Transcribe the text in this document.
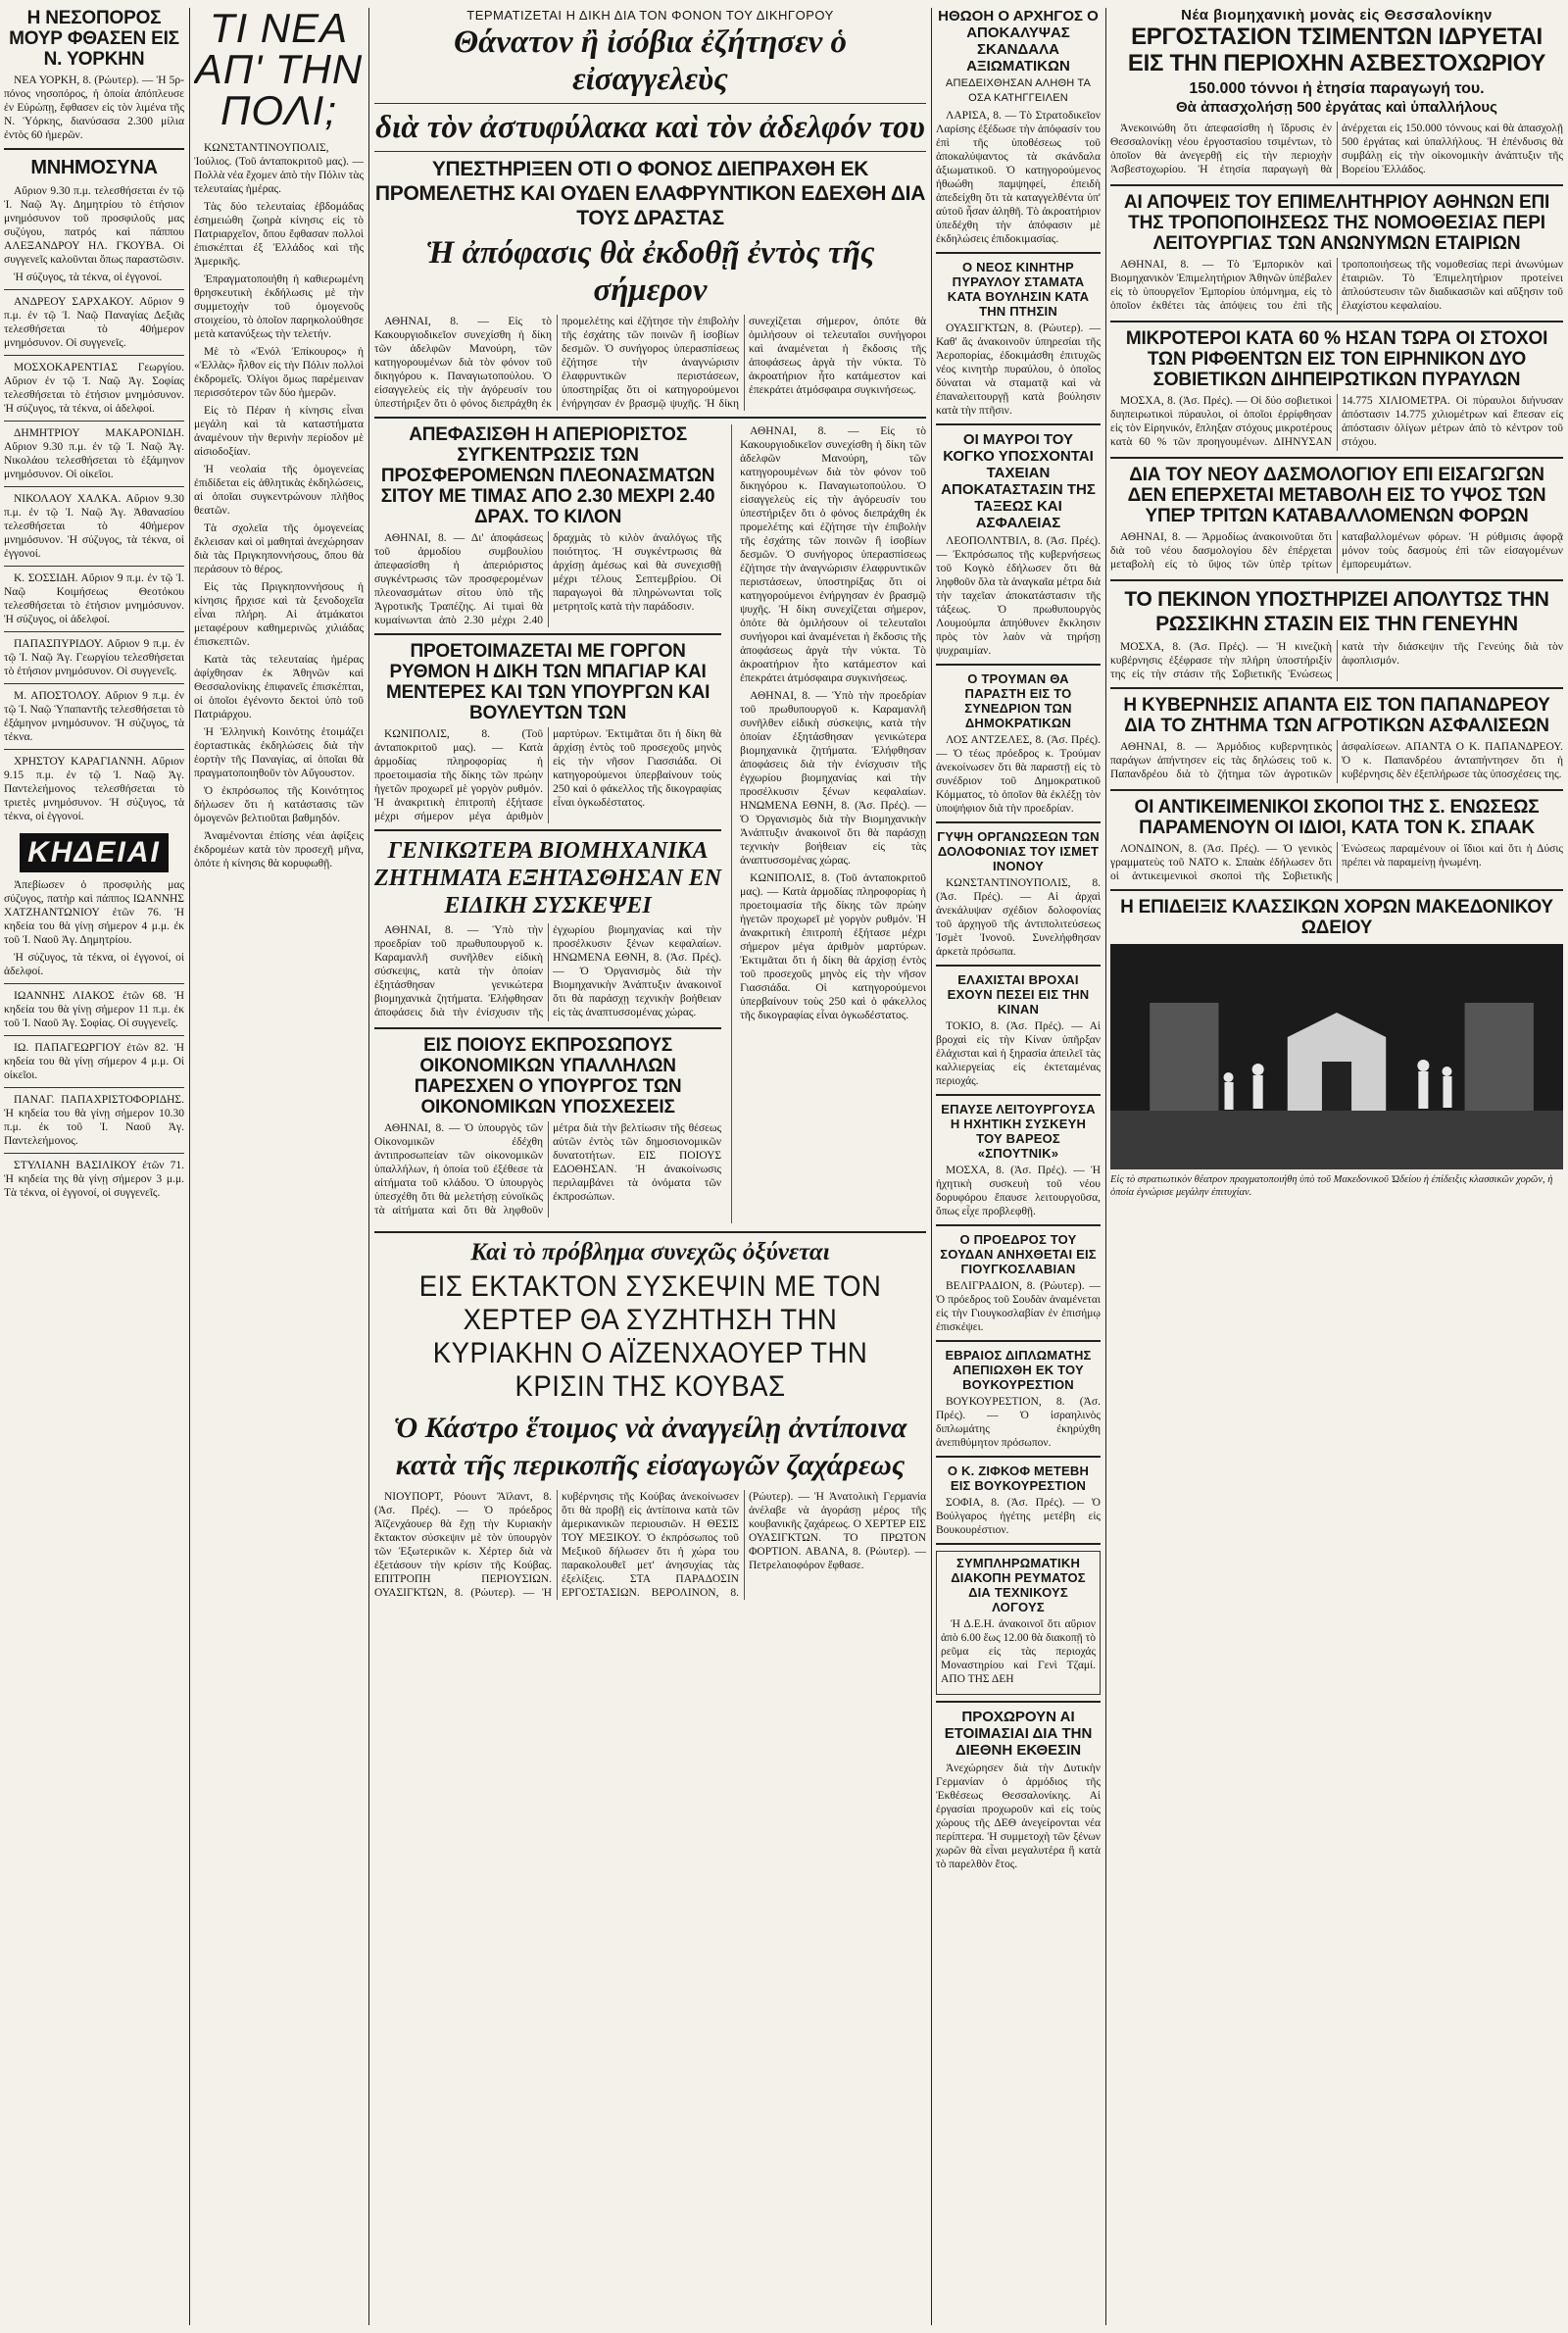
Η ΝΕΣΟΠΟΡΟΣ ΜΟΥΡ ΦΘΑΣΕΝ ΕΙΣ Ν. ΥΟΡΚΗΝ

ΝΕΑ ΥΟΡΚΗ, 8. (Ρώυτερ). — Ἡ 5ρ-πόνος νησοπόρος, ἡ ὁποία ἀπόπλευσε ἐν Εὐρώπῃ, ἔφθασεν εἰς τὸν λιμένα τῆς Ν. Ὑόρκης, διανύσασα 2.300 μίλια ἐντὸς 60 ἡμερῶν.

ΜΝΗΜΟΣΥΝΑ

Αὔριον 9.30 π.μ. τελεσθήσεται ἐν τῷ Ἱ. Ναῷ Ἁγ. Δημητρίου τὸ ἐτήσιον μνημόσυνον τοῦ προσφιλοῦς μας συζύγου, πατρός καὶ πάππου ΑΛΕΞΑΝΔΡΟΥ ΗΛ. ΓΚΟΥΒΑ. Οἱ συγγενεῖς καλοῦνται ὅπως παραστῶσιν.

Ἡ σύζυγος, τὰ τέκνα, οἱ ἐγγονοί.

ΑΝΔΡΕΟΥ ΣΑΡΧΑΚΟΥ. Αὔριον 9 π.μ. ἐν τῷ Ἱ. Ναῷ Παναγίας Δεξιᾶς τελεσθήσεται τὸ 40ήμερον μνημόσυνον. Οἱ συγγενεῖς.

ΜΟΣΧΟΚΑΡΕΝΤΙΑΣ Γεωργίου. Αὔριον ἐν τῷ Ἱ. Ναῷ Ἁγ. Σοφίας τελεσθήσεται τὸ ἐτήσιον μνημόσυνον. Ἡ σύζυγος, τὰ τέκνα, οἱ ἀδελφοί.

ΔΗΜΗΤΡΙΟΥ ΜΑΚΑΡΟΝΙΔΗ. Αὔριον 9.30 π.μ. ἐν τῷ Ἱ. Ναῷ Ἁγ. Νικολάου τελεσθήσεται τὸ ἐξάμηνον μνημόσυνον. Οἱ οἰκεῖοι.

ΝΙΚΟΛΑΟΥ ΧΑΛΚΑ. Αὔριον 9.30 π.μ. ἐν τῷ Ἱ. Ναῷ Ἁγ. Ἀθανασίου τελεσθήσεται τὸ 40ήμερον μνημόσυνον. Ἡ σύζυγος, τὰ τέκνα, οἱ ἐγγονοί.

Κ. ΣΟΣΣΙΔΗ. Αὔριον 9 π.μ. ἐν τῷ Ἱ. Ναῷ Κοιμήσεως Θεοτόκου τελεσθήσεται τὸ ἐτήσιον μνημόσυνον. Ἡ σύζυγος, οἱ ἀδελφοί.

ΠΑΠΑΣΠΥΡΙΔΟΥ. Αὔριον 9 π.μ. ἐν τῷ Ἱ. Ναῷ Ἁγ. Γεωργίου τελεσθήσεται τὸ ἐτήσιον μνημόσυνον. Οἱ συγγενεῖς.

Μ. ΑΠΟΣΤΟΛΟΥ. Αὔριον 9 π.μ. ἐν τῷ Ἱ. Ναῷ Ὑπαπαντῆς τελεσθήσεται τὸ ἐξάμηνον μνημόσυνον. Ἡ σύζυγος, τὰ τέκνα.

ΧΡΗΣΤΟΥ ΚΑΡΑΓΙΑΝΝΗ. Αὔριον 9.15 π.μ. ἐν τῷ Ἱ. Ναῷ Ἁγ. Παντελεήμονος τελεσθήσεται τὸ τριετὲς μνημόσυνον. Ἡ σύζυγος, τὰ τέκνα, οἱ ἐγγονοί.

ΚΗΔΕΙΑΙ

Ἀπεβίωσεν ὁ προσφιλὴς μας σύζυγος, πατὴρ καὶ πάππος ΙΩΑΝΝΗΣ ΧΑΤΖΗΑΝΤΩΝΙΟΥ ἐτῶν 76. Ἡ κηδεία του θὰ γίνῃ σήμερον 4 μ.μ. ἐκ τοῦ Ἱ. Ναοῦ Ἁγ. Δημητρίου.

Ἡ σύζυγος, τὰ τέκνα, οἱ ἐγγονοί, οἱ ἀδελφοί.

ΙΩΑΝΝΗΣ ΛΙΑΚΟΣ ἐτῶν 68. Ἡ κηδεία του θὰ γίνῃ σήμερον 11 π.μ. ἐκ τοῦ Ἱ. Ναοῦ Ἁγ. Σοφίας. Οἱ συγγενεῖς.

ΙΩ. ΠΑΠΑΓΕΩΡΓΙΟΥ ἐτῶν 82. Ἡ κηδεία του θὰ γίνῃ σήμερον 4 μ.μ. Οἱ οἰκεῖοι.

ΠΑΝΑΓ. ΠΑΠΑΧΡΙΣΤΟΦΟΡΙΔΗΣ. Ἡ κηδεία του θὰ γίνῃ σήμερον 10.30 π.μ. ἐκ τοῦ Ἱ. Ναοῦ Ἁγ. Παντελεήμονος.

ΣΤΥΛΙΑΝΗ ΒΑΣΙΛΙΚΟΥ ἐτῶν 71. Ἡ κηδεία της θὰ γίνῃ σήμερον 3 μ.μ. Τὰ τέκνα, οἱ ἐγγονοί, οἱ συγγενεῖς.

ΤΙ ΝΕΑ ΑΠ' ΤΗΝ ΠΟΛΙ;

ΚΩΝΣΤΑΝΤΙΝΟΥΠΟΛΙΣ, Ἰούλιος. (Τοῦ ἀνταποκριτοῦ μας). — Πολλὰ νέα ἔχομεν ἀπὸ τὴν Πόλιν τὰς τελευταίας ἡμέρας.

Τὰς δύο τελευταίας ἑβδομάδας ἐσημειώθη ζωηρὰ κίνησις εἰς τὸ Πατριαρχεῖον, ὅπου ἔφθασαν πολλοὶ ἐπισκέπται ἐξ Ἑλλάδος καὶ τῆς Ἀμερικῆς.

Ἐπραγματοποιήθη ἡ καθιερωμένη θρησκευτικὴ ἐκδήλωσις μὲ τὴν συμμετοχὴν τοῦ ὁμογενοῦς στοιχείου, τὸ ὁποῖον παρηκολούθησε μετὰ κατανύξεως τὴν τελετήν.

Μὲ τὸ «Ἐνόλ Ἐπίκουρος» ἡ «Ἑλλὰς» ἦλθον εἰς τὴν Πόλιν πολλοὶ ἐκδρομεῖς. Ὀλίγοι ὅμως παρέμειναν περισσότερον τῶν δύο ἡμερῶν.

Εἰς τὸ Πέραν ἡ κίνησις εἶναι μεγάλη καὶ τὰ καταστήματα ἀναμένουν τὴν θερινὴν περίοδον μὲ αἰσιοδοξίαν.

Ἡ νεολαία τῆς ὁμογενείας ἐπιδίδεται εἰς ἀθλητικὰς ἐκδηλώσεις, αἱ ὁποῖαι συγκεντρώνουν πλῆθος θεατῶν.

Τὰ σχολεῖα τῆς ὁμογενείας ἔκλεισαν καὶ οἱ μαθηταὶ ἀνεχώρησαν διὰ τὰς Πριγκηποννήσους, ὅπου θὰ περάσουν τὸ θέρος.

Εἰς τὰς Πριγκηποννήσους ἡ κίνησις ἤρχισε καὶ τὰ ξενοδοχεῖα εἶναι πλήρη. Αἱ ἀτμάκατοι μεταφέρουν καθημερινῶς χιλιάδας ἐπισκεπτῶν.

Κατὰ τὰς τελευταίας ἡμέρας ἀφίχθησαν ἐκ Ἀθηνῶν καὶ Θεσσαλονίκης ἐπιφανεῖς ἐπισκέπται, οἱ ὁποῖοι ἐγένοντο δεκτοὶ ὑπὸ τοῦ Πατριάρχου.

Ἡ Ἑλληνικὴ Κοινότης ἑτοιμάζει ἐορταστικὰς ἐκδηλώσεις διὰ τὴν ἑορτὴν τῆς Παναγίας, αἱ ὁποῖαι θὰ πραγματοποιηθοῦν τὸν Αὔγουστον.

Ὁ ἐκπρόσωπος τῆς Κοινότητος δήλωσεν ὅτι ἡ κατάστασις τῶν ὁμογενῶν βελτιοῦται βαθμηδόν.

Ἀναμένονται ἐπίσης νέαι ἀφίξεις ἐκδρομέων κατὰ τὸν προσεχῆ μῆνα, ὁπότε ἡ κίνησις θὰ κορυφωθῇ.

ΤΕΡΜΑΤΙΖΕΤΑΙ Η ΔΙΚΗ ΔΙΑ ΤΟΝ ΦΟΝΟΝ ΤΟΥ ΔΙΚΗΓΟΡΟΥ
Θάνατον ἢ ἰσόβια ἐζήτησεν ὁ εἰσαγγελεὺς
διὰ τὸν ἀστυφύλακα καὶ τὸν ἀδελφόν του
ΥΠΕΣΤΗΡΙΞΕΝ ΟΤΙ Ο ΦΟΝΟΣ ΔΙΕΠΡΑΧΘΗ ΕΚ ΠΡΟΜΕΛΕΤΗΣ ΚΑΙ ΟΥΔΕΝ ΕΛΑΦΡΥΝΤΙΚΟΝ ΕΔΕΧΘΗ ΔΙΑ ΤΟΥΣ ΔΡΑΣΤΑΣ
Ἡ ἀπόφασις θὰ ἐκδοθῇ ἐντὸς τῆς σήμερον

ΑΘΗΝΑΙ, 8. — Εἰς τὸ Κακουργιοδικεῖον συνεχίσθη ἡ δίκη τῶν ἀδελφῶν Μανούρη, τῶν κατηγορουμένων διὰ τὸν φόνον τοῦ δικηγόρου κ. Παναγιωτοπούλου. Ὁ εἰσαγγελεὺς εἰς τὴν ἀγόρευσίν του ὑπεστήριξεν ὅτι ὁ φόνος διεπράχθη ἐκ προμελέτης καὶ ἐζήτησε τὴν ἐπιβολὴν τῆς ἐσχάτης τῶν ποινῶν ἢ ἰσοβίων δεσμῶν. Ὁ συνήγορος ὑπερασπίσεως ἐζήτησε τὴν ἀναγνώρισιν ἐλαφρυντικῶν περιστάσεων, ὑποστηρίξας ὅτι οἱ κατηγορούμενοι ἐνήργησαν ἐν βρασμῷ ψυχῆς. Ἡ δίκη συνεχίζεται σήμερον, ὁπότε θὰ ὁμιλήσουν οἱ τελευταῖοι συνήγοροι καὶ ἀναμένεται ἡ ἔκδοσις τῆς ἀποφάσεως ἀργὰ τὴν νύκτα. Τὸ ἀκροατήριον ἦτο κατάμεστον καὶ ἐπεκράτει ἀτμόσφαιρα συγκινήσεως.

ΑΠΕΦΑΣΙΣΘΗ Η ΑΠΕΡΙΟΡΙΣΤΟΣ ΣΥΓΚΕΝΤΡΩΣΙΣ ΤΩΝ ΠΡΟΣΦΕΡΟΜΕΝΩΝ ΠΛΕΟΝΑΣΜΑΤΩΝ ΣΙΤΟΥ ΜΕ ΤΙΜΑΣ ΑΠΟ 2.30 ΜΕΧΡΙ 2.40 ΔΡΑΧ. ΤΟ ΚΙΛΟΝ

ΑΘΗΝΑΙ, 8. — Δι' ἀποφάσεως τοῦ ἁρμοδίου συμβουλίου ἀπεφασίσθη ἡ ἀπεριόριστος συγκέντρωσις τῶν προσφερομένων πλεονασμάτων σίτου ὑπὸ τῆς Ἀγροτικῆς Τραπέζης. Αἱ τιμαὶ θὰ κυμαίνωνται ἀπὸ 2.30 μέχρι 2.40 δραχμὰς τὸ κιλὸν ἀναλόγως τῆς ποιότητος. Ἡ συγκέντρωσις θὰ ἀρχίσῃ ἀμέσως καὶ θὰ συνεχισθῇ μέχρι τέλους Σεπτεμβρίου. Οἱ παραγωγοὶ θὰ πληρώνωνται τοῖς μετρητοῖς κατὰ τὴν παράδοσιν.

ΠΡΟΕΤΟΙΜΑΖΕΤΑΙ ΜΕ ΓΟΡΓΟΝ ΡΥΘΜΟΝ Η ΔΙΚΗ ΤΩΝ ΜΠΑΓΙΑΡ ΚΑΙ ΜΕΝΤΕΡΕΣ ΚΑΙ ΤΩΝ ΥΠΟΥΡΓΩΝ ΚΑΙ ΒΟΥΛΕΥΤΩΝ ΤΩΝ

ΚΩΝΙΠΟΛΙΣ, 8. (Τοῦ ἀνταποκριτοῦ μας). — Κατὰ ἀρμοδίας πληροφορίας ἡ προετοιμασία τῆς δίκης τῶν πρώην ἡγετῶν προχωρεῖ μὲ γοργὸν ρυθμόν. Ἡ ἀνακριτικὴ ἐπιτροπὴ ἐξήτασε μέχρι σήμερον μέγα ἀριθμὸν μαρτύρων. Ἐκτιμᾶται ὅτι ἡ δίκη θὰ ἀρχίσῃ ἐντὸς τοῦ προσεχοῦς μηνὸς εἰς τὴν νῆσον Γιασσιάδα. Οἱ κατηγορούμενοι ὑπερβαίνουν τοὺς 250 καὶ ὁ φάκελλος τῆς δικογραφίας εἶναι ὀγκωδέστατος.

ΓΕΝΙΚΩΤΕΡΑ ΒΙΟΜΗΧΑΝΙΚΑ ΖΗΤΗΜΑΤΑ ΕΞΗΤΑΣΘΗΣΑΝ ΕΝ ΕΙΔΙΚΗ ΣΥΣΚΕΨΕΙ

ΑΘΗΝΑΙ, 8. — Ὑπὸ τὴν προεδρίαν τοῦ πρωθυπουργοῦ κ. Καραμανλῆ συνῆλθεν εἰδικὴ σύσκεψις, κατὰ τὴν ὁποίαν ἐξητάσθησαν γενικώτερα βιομηχανικὰ ζητήματα. Ἐλήφθησαν ἀποφάσεις διὰ τὴν ἐνίσχυσιν τῆς ἐγχωρίου βιομηχανίας καὶ τὴν προσέλκυσιν ξένων κεφαλαίων. ΗΝΩΜΕΝΑ ΕΘΝΗ, 8. (Ἀσ. Πρές). — Ὁ Ὀργανισμὸς διὰ τὴν Βιομηχανικὴν Ἀνάπτυξιν ἀνακοινοῖ ὅτι θὰ παράσχῃ τεχνικὴν βοήθειαν εἰς τὰς ἀναπτυσσομένας χώρας.

ΕΙΣ ΠΟΙΟΥΣ ΕΚΠΡΟΣΩΠΟΥΣ ΟΙΚΟΝΟΜΙΚΩΝ ΥΠΑΛΛΗΛΩΝ ΠΑΡΕΣΧΕΝ Ο ΥΠΟΥΡΓΟΣ ΤΩΝ ΟΙΚΟΝΟΜΙΚΩΝ ΥΠΟΣΧΕΣΕΙΣ

ΑΘΗΝΑΙ, 8. — Ὁ ὑπουργὸς τῶν Οἰκονομικῶν ἐδέχθη ἀντιπροσωπείαν τῶν οἰκονομικῶν ὑπαλλήλων, ἡ ὁποία τοῦ ἐξέθεσε τὰ αἰτήματα τοῦ κλάδου. Ὁ ὑπουργὸς ὑπεσχέθη ὅτι θὰ μελετήσῃ εὐνοϊκῶς τὰ αἰτήματα καὶ ὅτι θὰ ληφθοῦν μέτρα διὰ τὴν βελτίωσιν τῆς θέσεως αὐτῶν ἐντὸς τῶν δημοσιονομικῶν δυνατοτήτων. ΕΙΣ ΠΟΙΟΥΣ ΕΔΟΘΗΣΑΝ. Ἡ ἀνακοίνωσις περιλαμβάνει τὰ ὀνόματα τῶν ἐκπροσώπων.

ΑΘΗΝΑΙ, 8. — Εἰς τὸ Κακουργιοδικεῖον συνεχίσθη ἡ δίκη τῶν ἀδελφῶν Μανούρη, τῶν κατηγορουμένων διὰ τὸν φόνον τοῦ δικηγόρου κ. Παναγιωτοπούλου. Ὁ εἰσαγγελεὺς εἰς τὴν ἀγόρευσίν του ὑπεστήριξεν ὅτι ὁ φόνος διεπράχθη ἐκ προμελέτης καὶ ἐζήτησε τὴν ἐπιβολὴν τῆς ἐσχάτης τῶν ποινῶν ἢ ἰσοβίων δεσμῶν. Ὁ συνήγορος ὑπερασπίσεως ἐζήτησε τὴν ἀναγνώρισιν ἐλαφρυντικῶν περιστάσεων, ὑποστηρίξας ὅτι οἱ κατηγορούμενοι ἐνήργησαν ἐν βρασμῷ ψυχῆς. Ἡ δίκη συνεχίζεται σήμερον, ὁπότε θὰ ὁμιλήσουν οἱ τελευταῖοι συνήγοροι καὶ ἀναμένεται ἡ ἔκδοσις τῆς ἀποφάσεως ἀργὰ τὴν νύκτα. Τὸ ἀκροατήριον ἦτο κατάμεστον καὶ ἐπεκράτει ἀτμόσφαιρα συγκινήσεως.

ΑΘΗΝΑΙ, 8. — Ὑπὸ τὴν προεδρίαν τοῦ πρωθυπουργοῦ κ. Καραμανλῆ συνῆλθεν εἰδικὴ σύσκεψις, κατὰ τὴν ὁποίαν ἐξητάσθησαν γενικώτερα βιομηχανικὰ ζητήματα. Ἐλήφθησαν ἀποφάσεις διὰ τὴν ἐνίσχυσιν τῆς ἐγχωρίου βιομηχανίας καὶ τὴν προσέλκυσιν ξένων κεφαλαίων. ΗΝΩΜΕΝΑ ΕΘΝΗ, 8. (Ἀσ. Πρές). — Ὁ Ὀργανισμὸς διὰ τὴν Βιομηχανικὴν Ἀνάπτυξιν ἀνακοινοῖ ὅτι θὰ παράσχῃ τεχνικὴν βοήθειαν εἰς τὰς ἀναπτυσσομένας χώρας.

ΚΩΝΙΠΟΛΙΣ, 8. (Τοῦ ἀνταποκριτοῦ μας). — Κατὰ ἀρμοδίας πληροφορίας ἡ προετοιμασία τῆς δίκης τῶν πρώην ἡγετῶν προχωρεῖ μὲ γοργὸν ρυθμόν. Ἡ ἀνακριτικὴ ἐπιτροπὴ ἐξήτασε μέχρι σήμερον μέγα ἀριθμὸν μαρτύρων. Ἐκτιμᾶται ὅτι ἡ δίκη θὰ ἀρχίσῃ ἐντὸς τοῦ προσεχοῦς μηνὸς εἰς τὴν νῆσον Γιασσιάδα. Οἱ κατηγορούμενοι ὑπερβαίνουν τοὺς 250 καὶ ὁ φάκελλος τῆς δικογραφίας εἶναι ὀγκωδέστατος.

Καὶ τὸ πρόβλημα συνεχῶς ὀξύνεται
ΕΙΣ ΕΚΤΑΚΤΟΝ ΣΥΣΚΕΨΙΝ ΜΕ ΤΟΝ ΧΕΡΤΕΡ ΘΑ ΣΥΖΗΤΗΣΗ ΤΗΝ ΚΥΡΙΑΚΗΝ Ο ΑΪΖΕΝΧΑΟΥΕΡ ΤΗΝ ΚΡΙΣΙΝ ΤΗΣ ΚΟΥΒΑΣ
Ὁ Κάστρο ἕτοιμος νὰ ἀναγγείλῃ ἀντίποινα
κατὰ τῆς περικοπῆς εἰσαγωγῶν ζαχάρεως

ΝΙΟΥΠΟΡΤ, Ρόουντ Ἄϊλαντ, 8. (Ἀσ. Πρές). — Ὁ πρόεδρος Ἀϊζενχάουερ θὰ ἔχῃ τὴν Κυριακὴν ἔκτακτον σύσκεψιν μὲ τὸν ὑπουργὸν τῶν Ἐξωτερικῶν κ. Χέρτερ διὰ νὰ ἐξετάσουν τὴν κρίσιν τῆς Κούβας. ΕΠΙΤΡΟΠΗ ΠΕΡΙΟΥΣΙΩΝ. ΟΥΑΣΙΓΚΤΩΝ, 8. (Ρώυτερ). — Ἡ κυβέρνησις τῆς Κούβας ἀνεκοίνωσεν ὅτι θὰ προβῇ εἰς ἀντίποινα κατὰ τῶν ἀμερικανικῶν περιουσιῶν. Η ΘΕΣΙΣ ΤΟΥ ΜΕΞΙΚΟΥ. Ὁ ἐκπρόσωπος τοῦ Μεξικοῦ δήλωσεν ὅτι ἡ χώρα του παρακολουθεῖ μετ' ἀνησυχίας τὰς ἐξελίξεις. ΣΤΑ ΠΑΡΑΔΟΣΙΝ ΕΡΓΟΣΤΑΣΙΩΝ. ΒΕΡΟΛΙΝΟΝ, 8. (Ρώυτερ). — Ἡ Ἀνατολικὴ Γερμανία ἀνέλαβε νὰ ἀγοράσῃ μέρος τῆς κουβανικῆς ζαχάρεως. Ο ΧΕΡΤΕΡ ΕΙΣ ΟΥΑΣΙΓΚΤΩΝ. ΤΟ ΠΡΩΤΟΝ ΦΟΡΤΙΟΝ. ΑΒΑΝΑ, 8. (Ρώυτερ). — Πετρελαιοφόρον ἔφθασε.

ΗΘΩΟΗ Ο ΑΡΧΗΓΟΣ Ο ΑΠΟΚΑΛΥΨΑΣ ΣΚΑΝΔΑΛΑ ΑΞΙΩΜΑΤΙΚΩΝ
ΑΠΕΔΕΙΧΘΗΣΑΝ ΑΛΗΘΗ ΤΑ ΟΣΑ ΚΑΤΗΓΓΕΙΛΕΝ

ΛΑΡΙΣΑ, 8. — Τὸ Στρατοδικεῖον Λαρίσης ἐξέδωσε τὴν ἀπόφασίν του ἐπὶ τῆς ὑποθέσεως τοῦ ἀποκαλύψαντος τὰ σκάνδαλα ἀξιωματικοῦ. Ὁ κατηγορούμενος ἠθωώθη παμψηφεί, ἐπειδὴ ἀπεδείχθη ὅτι τὰ καταγγελθέντα ὑπ' αὐτοῦ ἦσαν ἀληθῆ. Τὸ ἀκροατήριον ὑπεδέχθη τὴν ἀπόφασιν μὲ ἐκδηλώσεις ἐπιδοκιμασίας.

Ο ΝΕΟΣ ΚΙΝΗΤΗΡ ΠΥΡΑΥΛΟΥ ΣΤΑΜΑΤΑ ΚΑΤΑ ΒΟΥΛΗΣΙΝ ΚΑΤΑ ΤΗΝ ΠΤΗΣΙΝ

ΟΥΑΣΙΓΚΤΩΝ, 8. (Ρώυτερ). — Καθ' ἃς ἀνακοινοῦν ὑπηρεσίαι τῆς Ἀεροπορίας, ἐδοκιμάσθη ἐπιτυχῶς νέος κινητὴρ πυραύλου, ὁ ὁποῖος δύναται νὰ σταματᾷ καὶ νὰ ἐπαναλειτουργῇ κατὰ βούλησιν κατὰ τὴν πτῆσιν.

ΟΙ ΜΑΥΡΟΙ ΤΟΥ ΚΟΓΚΟ ΥΠΟΣΧΟΝΤΑΙ ΤΑΧΕΙΑΝ ΑΠΟΚΑΤΑΣΤΑΣΙΝ ΤΗΣ ΤΑΞΕΩΣ ΚΑΙ ΑΣΦΑΛΕΙΑΣ

ΛΕΟΠΟΛΝΤΒΙΛ, 8. (Ἀσ. Πρές). — Ἐκπρόσωπος τῆς κυβερνήσεως τοῦ Κογκὸ ἐδήλωσεν ὅτι θὰ ληφθοῦν ὅλα τὰ ἀναγκαῖα μέτρα διὰ τὴν ταχεῖαν ἀποκατάστασιν τῆς τάξεως. Ὁ πρωθυπουργὸς Λουμούμπα ἀπηύθυνεν ἔκκλησιν πρὸς τὸν λαὸν νὰ τηρήσῃ ψυχραιμίαν.

Ο ΤΡΟΥΜΑΝ ΘΑ ΠΑΡΑΣΤΗ ΕΙΣ ΤΟ ΣΥΝΕΔΡΙΟΝ ΤΩΝ ΔΗΜΟΚΡΑΤΙΚΩΝ

ΛΟΣ ΑΝΤΖΕΛΕΣ, 8. (Ἀσ. Πρές). — Ὁ τέως πρόεδρος κ. Τρούμαν ἀνεκοίνωσεν ὅτι θὰ παραστῇ εἰς τὸ συνέδριον τοῦ Δημοκρατικοῦ Κόμματος, τὸ ὁποῖον θὰ ἐκλέξῃ τὸν ὑποψήφιον διὰ τὴν προεδρίαν.

ΓΥΨΗ ΟΡΓΑΝΩΣΕΩΝ ΤΩΝ ΔΟΛΟΦΟΝΙΑΣ ΤΟΥ ΙΣΜΕΤ ΙΝΟΝΟΥ

ΚΩΝΣΤΑΝΤΙΝΟΥΠΟΛΙΣ, 8. (Ἀσ. Πρές). — Αἱ ἀρχαὶ ἀνεκάλυψαν σχέδιον δολοφονίας τοῦ ἀρχηγοῦ τῆς ἀντιπολιτεύσεως Ἰσμὲτ Ἰνονοῦ. Συνελήφθησαν ἀρκετὰ πρόσωπα.

ΕΛΑΧΙΣΤΑΙ ΒΡΟΧΑΙ ΕΧΟΥΝ ΠΕΣΕΙ ΕΙΣ ΤΗΝ ΚΙΝΑΝ

ΤΟΚΙΟ, 8. (Ἀσ. Πρές). — Αἱ βροχαὶ εἰς τὴν Κίναν ὑπῆρξαν ἐλάχισται καὶ ἡ ξηρασία ἀπειλεῖ τὰς καλλιεργείας εἰς ἐκτεταμένας περιοχάς.

ΕΠΑΥΣΕ ΛΕΙΤΟΥΡΓΟΥΣΑ Η ΗΧΗΤΙΚΗ ΣΥΣΚΕΥΗ ΤΟΥ ΒΑΡΕΟΣ «ΣΠΟΥΤΝΙΚ»

ΜΟΣΧΑ, 8. (Ἀσ. Πρές). — Ἡ ἠχητικὴ συσκευὴ τοῦ νέου δορυφόρου ἔπαυσε λειτουργοῦσα, ὅπως εἶχε προβλεφθῇ.

Ο ΠΡΟΕΔΡΟΣ ΤΟΥ ΣΟΥΔΑΝ ΑΝΗΧΘΕΤΑΙ ΕΙΣ ΓΙΟΥΓΚΟΣΛΑΒΙΑΝ

ΒΕΛΙΓΡΑΔΙΟΝ, 8. (Ρώυτερ). — Ὁ πρόεδρος τοῦ Σουδὰν ἀναμένεται εἰς τὴν Γιουγκοσλαβίαν ἐν ἐπισήμῳ ἐπισκέψει.

ΕΒΡΑΙΟΣ ΔΙΠΛΩΜΑΤΗΣ ΑΠΕΠΙΩΧΘΗ ΕΚ ΤΟΥ ΒΟΥΚΟΥΡΕΣΤΙΟΝ

ΒΟΥΚΟΥΡΕΣΤΙΟΝ, 8. (Ἀσ. Πρές). — Ὁ ἰσραηλινὸς διπλωμάτης ἐκηρύχθη ἀνεπιθύμητον πρόσωπον.

Ο Κ. ΖΙΦΚΟΦ ΜΕΤΕΒΗ ΕΙΣ ΒΟΥΚΟΥΡΕΣΤΙΟΝ

ΣΟΦΙΑ, 8. (Ἀσ. Πρές). — Ὁ Βούλγαρος ἡγέτης μετέβη εἰς Βουκουρέστιον.

ΣΥΜΠΛΗΡΩΜΑΤΙΚΗ ΔΙΑΚΟΠΗ ΡΕΥΜΑΤΟΣ ΔΙΑ ΤΕΧΝΙΚΟΥΣ ΛΟΓΟΥΣ

Ἡ Δ.Ε.Η. ἀνακοινοῖ ὅτι αὔριον ἀπὸ 6.00 ἕως 12.00 θὰ διακοπῇ τὸ ρεῦμα εἰς τὰς περιοχάς Μοναστηρίου καὶ Γενὶ Τζαμί. ΑΠΟ ΤΗΣ ΔΕΗ

ΠΡΟΧΩΡΟΥΝ ΑΙ ΕΤΟΙΜΑΣΙΑΙ ΔΙΑ ΤΗΝ ΔΙΕΘΝΗ ΕΚΘΕΣΙΝ

Ἀνεχώρησεν διὰ τὴν Δυτικὴν Γερμανίαν ὁ ἁρμόδιος τῆς Ἐκθέσεως Θεσσαλονίκης. Αἱ ἐργασίαι προχωροῦν καὶ εἰς τοὺς χώρους τῆς ΔΕΘ ἀνεγείρονται νέα περίπτερα. Ἡ συμμετοχὴ τῶν ξένων χωρῶν θὰ εἶναι μεγαλυτέρα ἢ κατὰ τὸ παρελθὸν ἔτος.

Νέα βιομηχανικὴ μονὰς εἰς Θεσσαλονίκην
ΕΡΓΟΣΤΑΣΙΟΝ ΤΣΙΜΕΝΤΩΝ ΙΔΡΥΕΤΑΙ ΕΙΣ ΤΗΝ ΠΕΡΙΟΧΗΝ ΑΣΒΕΣΤΟΧΩΡΙΟΥ
150.000 τόννοι ἡ ἐτησία παραγωγή του.
Θὰ ἀπασχολήσῃ 500 ἐργάτας καὶ ὑπαλλήλους

Ἀνεκοινώθη ὅτι ἀπεφασίσθη ἡ ἵδρυσις ἐν Θεσσαλονίκῃ νέου ἐργοστασίου τσιμέντων, τὸ ὁποῖον θὰ ἀνεγερθῇ εἰς τὴν περιοχὴν Ἀσβεστοχωρίου. Ἡ ἐτησία παραγωγὴ θὰ ἀνέρχεται εἰς 150.000 τόννους καὶ θὰ ἀπασχολῇ 500 ἐργάτας καὶ ὑπαλλήλους. Ἡ ἐπένδυσις θὰ συμβάλῃ εἰς τὴν οἰκονομικὴν ἀνάπτυξιν τῆς Βορείου Ἑλλάδος.

ΑΙ ΑΠΟΨΕΙΣ ΤΟΥ ΕΠΙΜΕΛΗΤΗΡΙΟΥ ΑΘΗΝΩΝ ΕΠΙ ΤΗΣ ΤΡΟΠΟΠΟΙΗΣΕΩΣ ΤΗΣ ΝΟΜΟΘΕΣΙΑΣ ΠΕΡΙ ΛΕΙΤΟΥΡΓΙΑΣ ΤΩΝ ΑΝΩΝΥΜΩΝ ΕΤΑΙΡΙΩΝ

ΑΘΗΝΑΙ, 8. — Τὸ Ἐμπορικὸν καὶ Βιομηχανικὸν Ἐπιμελητήριον Ἀθηνῶν ὑπέβαλεν εἰς τὸ ὑπουργεῖον Ἐμπορίου ὑπόμνημα, εἰς τὸ ὁποῖον ἐκθέτει τὰς ἀπόψεις του ἐπὶ τῆς τροποποιήσεως τῆς νομοθεσίας περὶ ἀνωνύμων ἑταιριῶν. Τὸ Ἐπιμελητήριον προτείνει ἀπλούστευσιν τῶν διαδικασιῶν καὶ αὔξησιν τοῦ ἐλαχίστου κεφαλαίου.

ΜΙΚΡΟΤΕΡΟΙ ΚΑΤΑ 60 % ΗΣΑΝ ΤΩΡΑ ΟΙ ΣΤΟΧΟΙ ΤΩΝ ΡΙΦΘΕΝΤΩΝ ΕΙΣ ΤΟΝ ΕΙΡΗΝΙΚΟΝ ΔΥΟ ΣΟΒΙΕΤΙΚΩΝ ΔΙΗΠΕΙΡΩΤΙΚΩΝ ΠΥΡΑΥΛΩΝ

ΜΟΣΧΑ, 8. (Ἀσ. Πρές). — Οἱ δύο σοβιετικοὶ διηπειρωτικοὶ πύραυλοι, οἱ ὁποῖοι ἐρρίφθησαν εἰς τὸν Εἰρηνικόν, ἔπληξαν στόχους μικροτέρους κατὰ 60 % τῶν προηγουμένων. ΔΙΗΝΥΣΑΝ 14.775 ΧΙΛΙΟΜΕΤΡΑ. Οἱ πύραυλοι διήνυσαν ἀπόστασιν 14.775 χιλιομέτρων καὶ ἔπεσαν εἰς ἀπόστασιν ὀλίγων μέτρων ἀπὸ τὸ κέντρον τοῦ στόχου.

ΔΙΑ ΤΟΥ ΝΕΟΥ ΔΑΣΜΟΛΟΓΙΟΥ ΕΠΙ ΕΙΣΑΓΩΓΩΝ ΔΕΝ ΕΠΕΡΧΕΤΑΙ ΜΕΤΑΒΟΛΗ ΕΙΣ ΤΟ ΥΨΟΣ ΤΩΝ ΥΠΕΡ ΤΡΙΤΩΝ ΚΑΤΑΒΑΛΛΟΜΕΝΩΝ ΦΟΡΩΝ

ΑΘΗΝΑΙ, 8. — Ἁρμοδίως ἀνακοινοῦται ὅτι διὰ τοῦ νέου δασμολογίου δὲν ἐπέρχεται μεταβολὴ εἰς τὸ ὕψος τῶν ὑπὲρ τρίτων καταβαλλομένων φόρων. Ἡ ρύθμισις ἀφορᾷ μόνον τοὺς δασμοὺς ἐπὶ τῶν εἰσαγομένων ἐμπορευμάτων.

ΤΟ ΠΕΚΙΝΟΝ ΥΠΟΣΤΗΡΙΖΕΙ ΑΠΟΛΥΤΩΣ ΤΗΝ ΡΩΣΣΙΚΗΝ ΣΤΑΣΙΝ ΕΙΣ ΤΗΝ ΓΕΝΕΥΗΝ

ΜΟΣΧΑ, 8. (Ἀσ. Πρές). — Ἡ κινεζικὴ κυβέρνησις ἐξέφρασε τὴν πλήρη ὑποστήριξίν της εἰς τὴν στάσιν τῆς Σοβιετικῆς Ἑνώσεως κατὰ τὴν διάσκεψιν τῆς Γενεύης διὰ τὸν ἀφοπλισμόν.

Η ΚΥΒΕΡΝΗΣΙΣ ΑΠΑΝΤΑ ΕΙΣ ΤΟΝ ΠΑΠΑΝΔΡΕΟΥ ΔΙΑ ΤΟ ΖΗΤΗΜΑ ΤΩΝ ΑΓΡΟΤΙΚΩΝ ΑΣΦΑΛΙΣΕΩΝ

ΑΘΗΝΑΙ, 8. — Ἁρμόδιος κυβερνητικὸς παράγων ἀπήντησεν εἰς τὰς δηλώσεις τοῦ κ. Παπανδρέου διὰ τὸ ζήτημα τῶν ἀγροτικῶν ἀσφαλίσεων. ΑΠΑΝΤΑ Ο Κ. ΠΑΠΑΝΔΡΕΟΥ. Ὁ κ. Παπανδρέου ἀνταπήντησεν ὅτι ἡ κυβέρνησις δὲν ἐξεπλήρωσε τὰς ὑποσχέσεις της.

ΟΙ ΑΝΤΙΚΕΙΜΕΝΙΚΟΙ ΣΚΟΠΟΙ ΤΗΣ Σ. ΕΝΩΣΕΩΣ ΠΑΡΑΜΕΝΟΥΝ ΟΙ ΙΔΙΟΙ, ΚΑΤΑ ΤΟΝ Κ. ΣΠΑΑΚ

ΛΟΝΔΙΝΟΝ, 8. (Ἀσ. Πρές). — Ὁ γενικὸς γραμματεὺς τοῦ ΝΑΤΟ κ. Σπαὰκ ἐδήλωσεν ὅτι οἱ ἀντικειμενικοὶ σκοποὶ τῆς Σοβιετικῆς Ἑνώσεως παραμένουν οἱ ἴδιοι καὶ ὅτι ἡ Δύσις πρέπει νὰ παραμείνῃ ἡνωμένη.

Η ΕΠΙΔΕΙΞΙΣ ΚΛΑΣΣΙΚΩΝ ΧΟΡΩΝ ΜΑΚΕΔΟΝΙΚΟΥ ΩΔΕΙΟΥ
Εἰς τὸ στρατιωτικὸν θέατρον πραγματοποιήθη ὑπὸ τοῦ Μακεδονικοῦ Ὠδείου ἡ ἐπίδειξις κλασσικῶν χορῶν, ἡ ὁποία ἐγνώρισε μεγάλην ἐπιτυχίαν.
